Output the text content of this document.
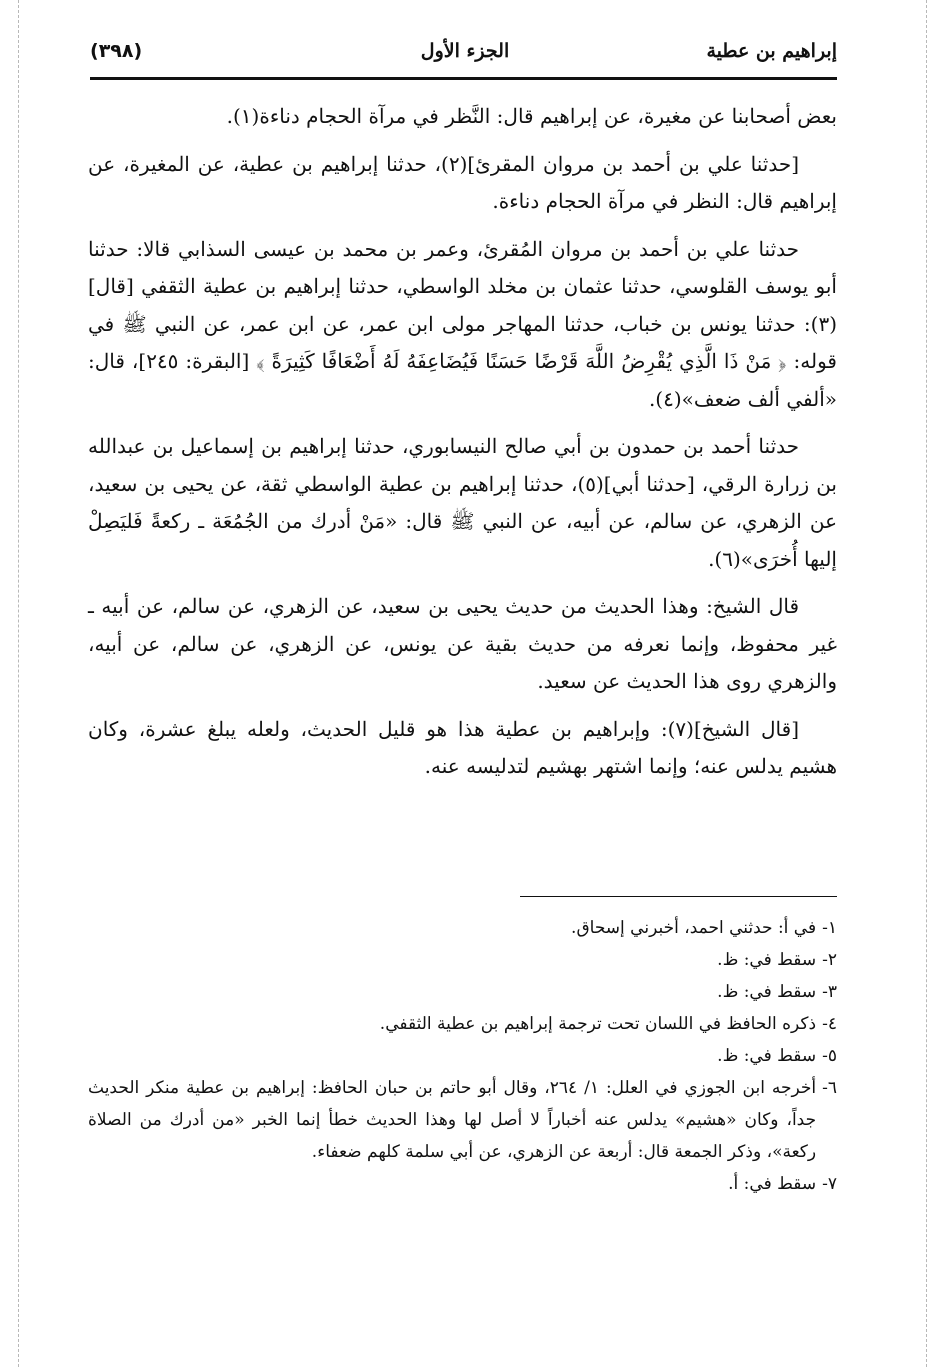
(٣٩٨)	الجزء الأول	إبراهيم بن عطية

بعض أصحابنا عن مغيرة، عن إبراهيم قال: النَّظر في مرآة الحجام دناءة(١).

[حدثنا علي بن أحمد بن مروان المقرئ](٢)، حدثنا إبراهيم بن عطية، عن المغيرة، عن إبراهيم قال: النظر في مرآة الحجام دناءة.

حدثنا علي بن أحمد بن مروان المُقرئ، وعمر بن محمد بن عيسى السذابي قالا: حدثنا أبو يوسف القلوسي، حدثنا عثمان بن مخلد الواسطي، حدثنا إبراهيم بن عطية الثقفي [قال](٣): حدثنا يونس بن خباب، حدثنا المهاجر مولى ابن عمر، عن ابن عمر، عن النبي ﷺ في قوله: ﴿ مَنْ ذَا الَّذِي يُقْرِضُ اللَّهَ قَرْضًا حَسَنًا فَيُضَاعِفَهُ لَهُ أَضْعَافًا كَثِيرَةً ﴾ [البقرة: ٢٤٥]، قال: «ألفي ألف ضعف»(٤).

حدثنا أحمد بن حمدون بن أبي صالح النيسابوري، حدثنا إبراهيم بن إسماعيل بن عبدالله بن زرارة الرقي، [حدثنا أبي](٥)، حدثنا إبراهيم بن عطية الواسطي ثقة، عن يحيى بن سعيد، عن الزهري، عن سالم، عن أبيه، عن النبي ﷺ قال: «مَنْ أدرك من الجُمُعَة ـ ركعةً فَليَصِلْ إليها أُخرَى»(٦).

قال الشيخ: وهذا الحديث من حديث يحيى بن سعيد، عن الزهري، عن سالم، عن أبيه ـ غير محفوظ، وإنما نعرفه من حديث بقية عن يونس، عن الزهري، عن سالم، عن أبيه، والزهري روى هذا الحديث عن سعيد.

[قال الشيخ](٧): وإبراهيم بن عطية هذا هو قليل الحديث، ولعله يبلغ عشرة، وكان هشيم يدلس عنه؛ وإنما اشتهر بهشيم لتدليسه عنه.

١-
في أ: حدثني احمد، أخبرني إسحاق.
٢-
سقط في: ظ.
٣-
سقط في: ظ.
٤-
ذكره الحافظ في اللسان تحت ترجمة إبراهيم بن عطية الثقفي.
٥-
سقط في: ظ.
٦-
أخرجه ابن الجوزي في العلل: ١/ ٢٦٤، وقال أبو حاتم بن حبان الحافظ: إبراهيم بن عطية منكر الحديث جداً، وكان «هشيم» يدلس عنه أخباراً لا أصل لها وهذا الحديث خطأ إنما الخبر «من أدرك من الصلاة ركعة»، وذكر الجمعة قال: أربعة عن الزهري، عن أبي سلمة كلهم ضعفاء.
٧-
سقط في: أ.
